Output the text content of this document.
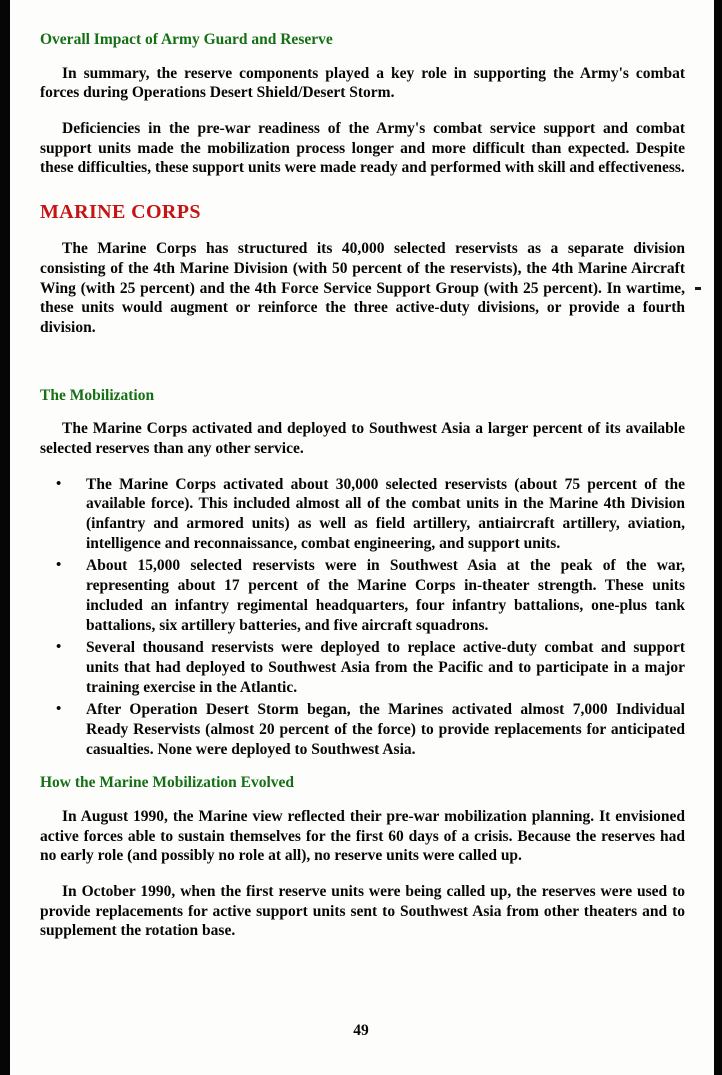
Overall Impact of Army Guard and Reserve

In summary, the reserve components played a key role in supporting the Army's combat forces during Operations Desert Shield/Desert Storm.

Deficiencies in the pre-war readiness of the Army's combat service support and combat support units made the mobilization process longer and more difficult than expected. Despite these difficulties, these support units were made ready and performed with skill and effectiveness.

MARINE CORPS

The Marine Corps has structured its 40,000 selected reservists as a separate division consisting of the 4th Marine Division (with 50 percent of the reservists), the 4th Marine Aircraft Wing (with 25 percent) and the 4th Force Service Support Group (with 25 percent). In wartime, these units would augment or reinforce the three active-duty divisions, or provide a fourth division.

The Mobilization

The Marine Corps activated and deployed to Southwest Asia a larger percent of its available selected reserves than any other service.

• The Marine Corps activated about 30,000 selected reservists (about 75 percent of the available force). This included almost all of the combat units in the Marine 4th Division (infantry and armored units) as well as field artillery, antiaircraft artillery, aviation, intelligence and reconnaissance, combat engineering, and support units.
• About 15,000 selected reservists were in Southwest Asia at the peak of the war, representing about 17 percent of the Marine Corps in-theater strength. These units included an infantry regimental headquarters, four infantry battalions, one-plus tank battalions, six artillery batteries, and five aircraft squadrons.
• Several thousand reservists were deployed to replace active-duty combat and support units that had deployed to Southwest Asia from the Pacific and to participate in a major training exercise in the Atlantic.
• After Operation Desert Storm began, the Marines activated almost 7,000 Individual Ready Reservists (almost 20 percent of the force) to provide replacements for anticipated casualties. None were deployed to Southwest Asia.
How the Marine Mobilization Evolved

In August 1990, the Marine view reflected their pre-war mobilization planning. It envisioned active forces able to sustain themselves for the first 60 days of a crisis. Because the reserves had no early role (and possibly no role at all), no reserve units were called up.

In October 1990, when the first reserve units were being called up, the reserves were used to provide replacements for active support units sent to Southwest Asia from other theaters and to supplement the rotation base.

49
